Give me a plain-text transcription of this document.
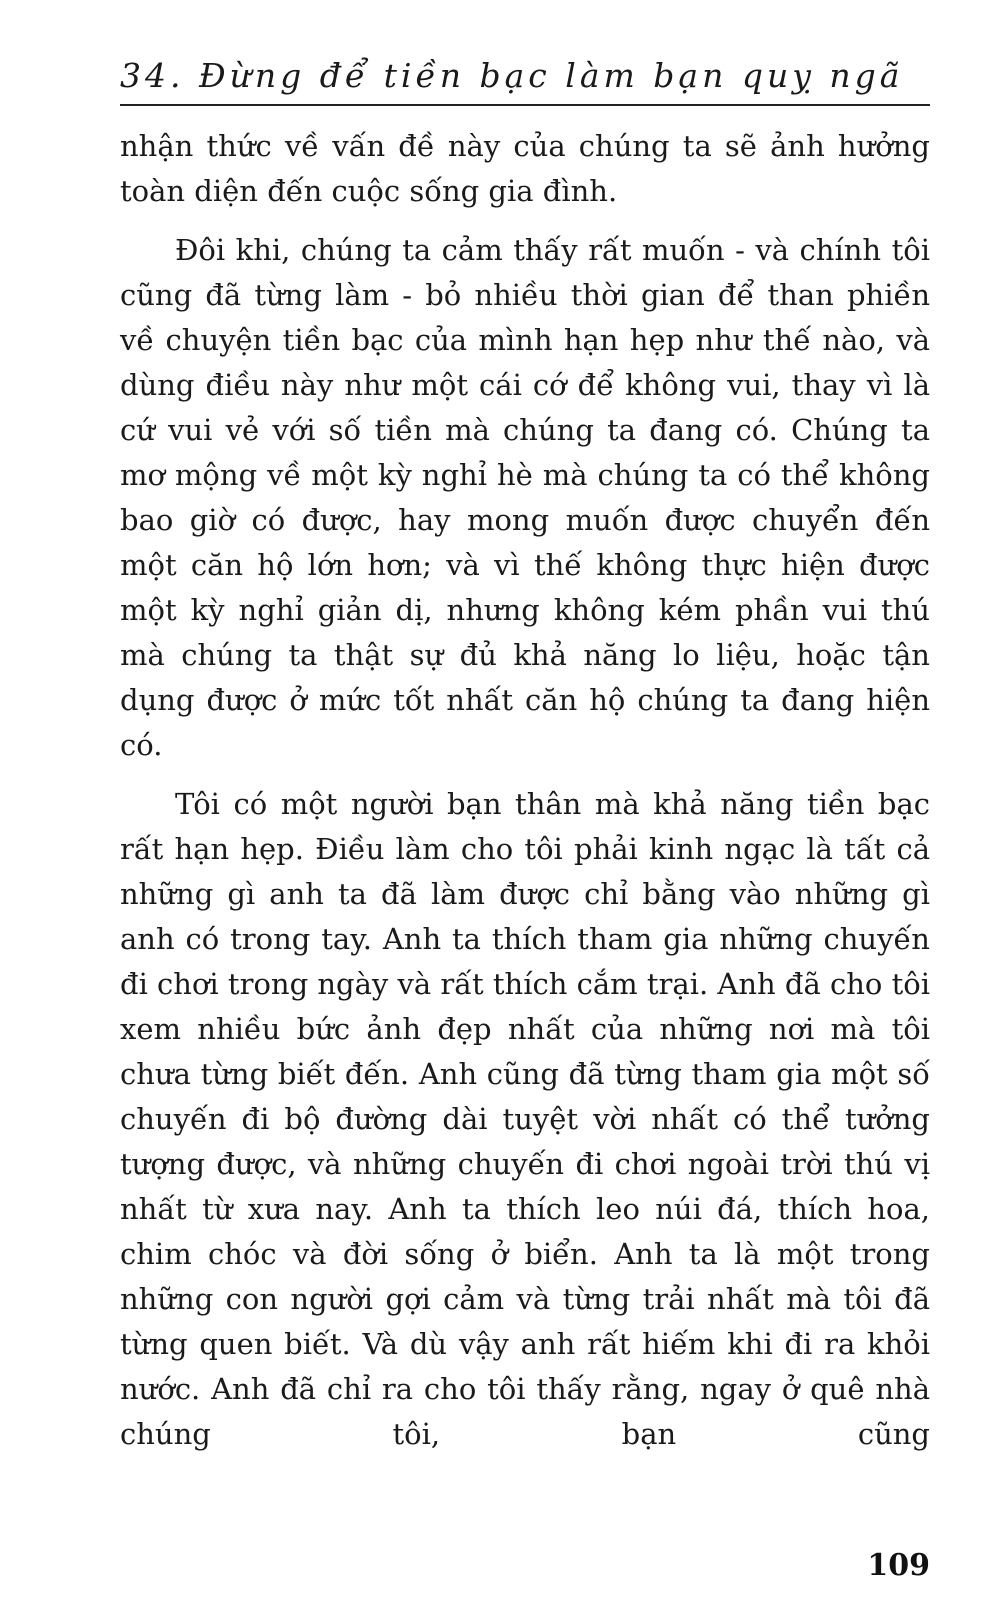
34. Đừng để tiền bạc làm bạn quỵ ngã

nhận thức về vấn đề này của chúng ta sẽ ảnh hưởng toàn diện đến cuộc sống gia đình.

Đôi khi, chúng ta cảm thấy rất muốn - và chính tôi cũng đã từng làm - bỏ nhiều thời gian để than phiền về chuyện tiền bạc của mình hạn hẹp như thế nào, và dùng điều này như một cái cớ để không vui, thay vì là cứ vui vẻ với số tiền mà chúng ta đang có. Chúng ta mơ mộng về một kỳ nghỉ hè mà chúng ta có thể không bao giờ có được, hay mong muốn được chuyển đến một căn hộ lớn hơn; và vì thế không thực hiện được một kỳ nghỉ giản dị, nhưng không kém phần vui thú mà chúng ta thật sự đủ khả năng lo liệu, hoặc tận dụng được ở mức tốt nhất căn hộ chúng ta đang hiện có.

Tôi có một người bạn thân mà khả năng tiền bạc rất hạn hẹp. Điều làm cho tôi phải kinh ngạc là tất cả những gì anh ta đã làm được chỉ bằng vào những gì anh có trong tay. Anh ta thích tham gia những chuyến đi chơi trong ngày và rất thích cắm trại. Anh đã cho tôi xem nhiều bức ảnh đẹp nhất của những nơi mà tôi chưa từng biết đến. Anh cũng đã từng tham gia một số chuyến đi bộ đường dài tuyệt vời nhất có thể tưởng tượng được, và những chuyến đi chơi ngoài trời thú vị nhất từ xưa nay. Anh ta thích leo núi đá, thích hoa, chim chóc và đời sống ở biển. Anh ta là một trong những con người gợi cảm và từng trải nhất mà tôi đã từng quen biết. Và dù vậy anh rất hiếm khi đi ra khỏi nước. Anh đã chỉ ra cho tôi thấy rằng, ngay ở quê nhà chúng tôi, bạn cũng

109
